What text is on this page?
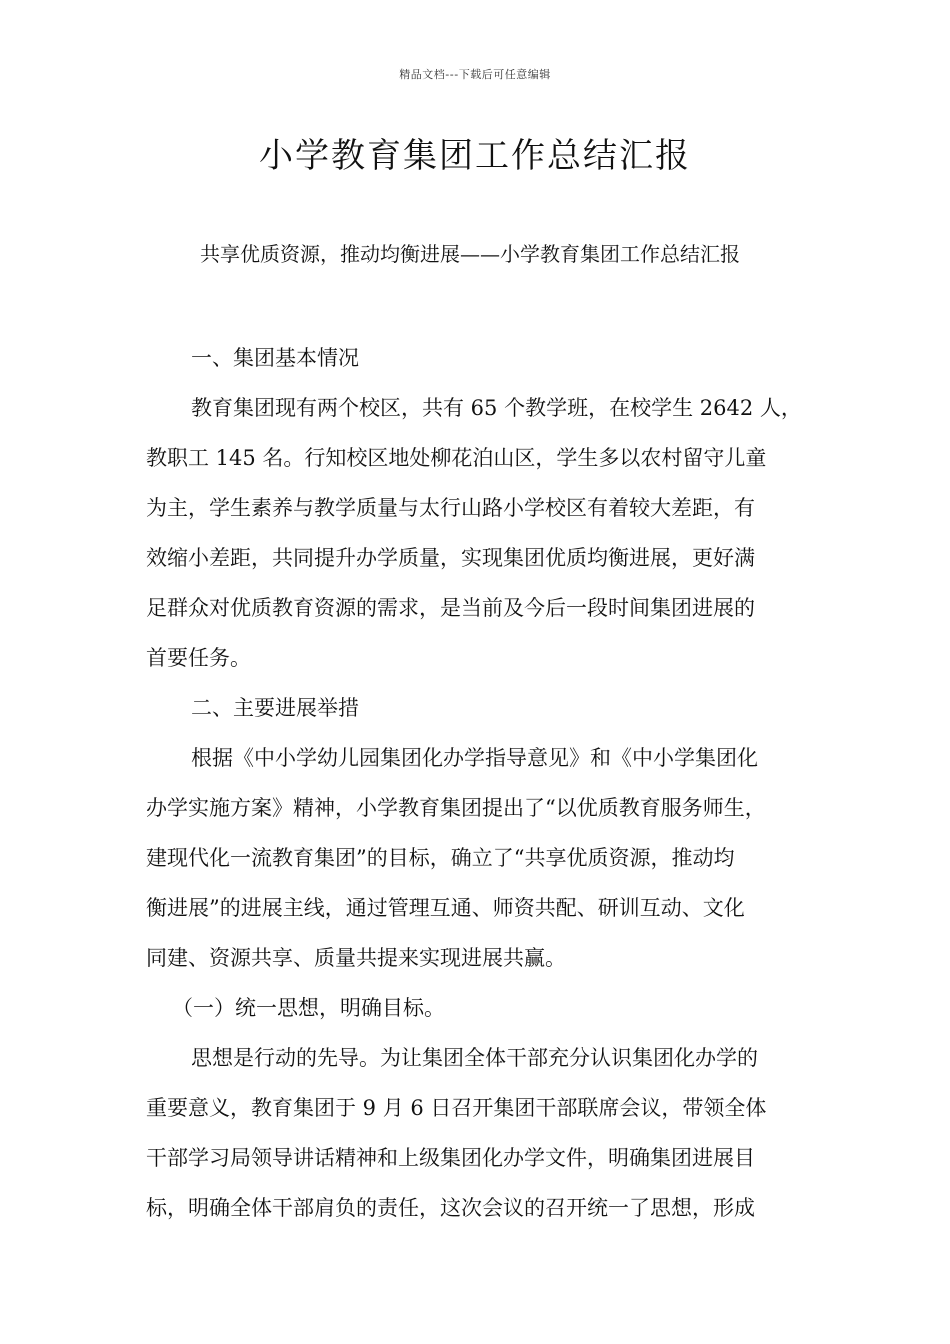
精品文档---下载后可任意编辑
小学教育集团工作总结汇报
共享优质资源，推动均衡进展——小学教育集团工作总结汇报

一、集团基本情况

教育集团现有两个校区，共有 65 个教学班，在校学生 2642 人，

教职工 145 名。行知校区地处柳花泊山区，学生多以农村留守儿童

为主，学生素养与教学质量与太行山路小学校区有着较大差距，有

效缩小差距，共同提升办学质量，实现集团优质均衡进展，更好满

足群众对优质教育资源的需求，是当前及今后一段时间集团进展的

首要任务。

二、主要进展举措

根据《中小学幼儿园集团化办学指导意见》和《中小学集团化

办学实施方案》精神，小学教育集团提出了“以优质教育服务师生，

建现代化一流教育集团”的目标，确立了“共享优质资源，推动均

衡进展”的进展主线，通过管理互通、师资共配、研训互动、文化

同建、资源共享、质量共提来实现进展共赢。

（一）统一思想，明确目标。

思想是行动的先导。为让集团全体干部充分认识集团化办学的

重要意义，教育集团于 9 月 6 日召开集团干部联席会议，带领全体

干部学习局领导讲话精神和上级集团化办学文件，明确集团进展目

标，明确全体干部肩负的责任，这次会议的召开统一了思想，形成
